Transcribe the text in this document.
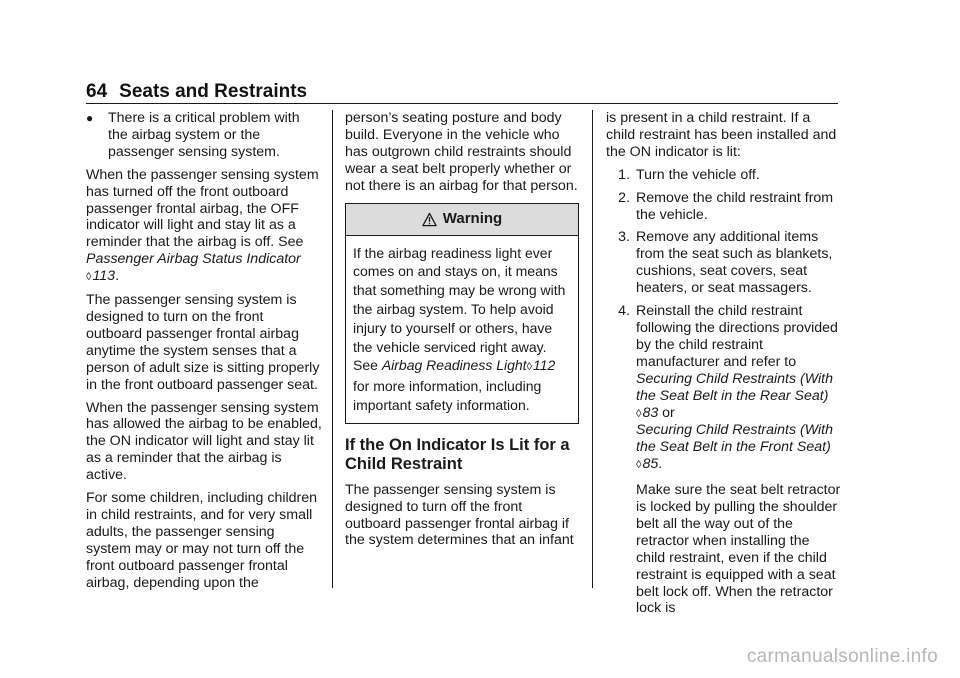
64 Seats and Restraints
●	There is a critical problem with the airbag system or the passenger sensing system.

When the passenger sensing system has turned off the front outboard passenger frontal airbag, the OFF indicator will light and stay lit as a reminder that the airbag is off. See Passenger Airbag Status Indicator ◊113.

The passenger sensing system is designed to turn on the front outboard passenger frontal airbag anytime the system senses that a person of adult size is sitting properly in the front outboard passenger seat.

When the passenger sensing system has allowed the airbag to be enabled, the ON indicator will light and stay lit as a reminder that the airbag is active.

For some children, including children in child restraints, and for very small adults, the passenger sensing system may or may not turn off the front outboard passenger frontal airbag, depending upon the

person’s seating posture and body build. Everyone in the vehicle who has outgrown child restraints should wear a seat belt properly whether or not there is an airbag for that person.

Warning
If the airbag readiness light ever comes on and stays on, it means that something may be wrong with the airbag system. To help avoid injury to yourself or others, have the vehicle serviced right away. See Airbag Readiness Light◊112 for more information, including important safety information.
If the On Indicator Is Lit for a Child Restraint

The passenger sensing system is designed to turn off the front outboard passenger frontal airbag if the system determines that an infant

is present in a child restraint. If a child restraint has been installed and the ON indicator is lit:

1. Turn the vehicle off.
2. Remove the child restraint from the vehicle.
3. Remove any additional items from the seat such as blankets, cushions, seat covers, seat heaters, or seat massagers.
4. Reinstall the child restraint following the directions provided by the child restraint manufacturer and refer to
Securing Child Restraints (With the Seat Belt in the Rear Seat)
◊83 or
Securing Child Restraints (With the Seat Belt in the Front Seat)
◊85.

Make sure the seat belt retractor is locked by pulling the shoulder belt all the way out of the retractor when installing the child restraint, even if the child restraint is equipped with a seat belt lock off. When the retractor lock is

carmanualsonline.info
